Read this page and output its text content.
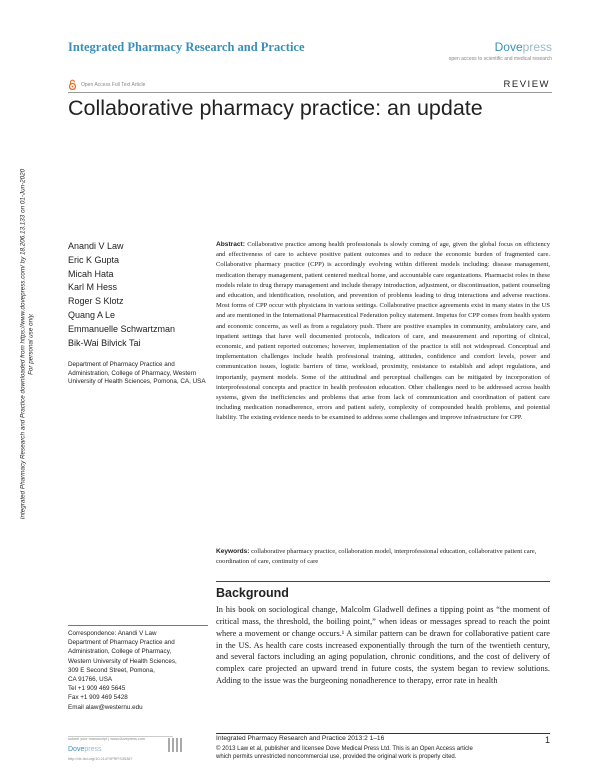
Integrated Pharmacy Research and Practice	Dovepress
open access to scientific and medical research
Open Access Full Text Article	REVIEW
Collaborative pharmacy practice: an update
Integrated Pharmacy Research and Practice downloaded from https://www.dovepress.com/ by 18.206.13.133 on 01-Jun-2020 For personal use only.
Anandi V Law
Eric K Gupta
Micah Hata
Karl M Hess
Roger S Klotz
Quang A Le
Emmanuelle Schwartzman
Bik-Wai Bilvick Tai
Department of Pharmacy Practice and Administration, College of Pharmacy, Western University of Health Sciences, Pomona, CA, USA
Abstract: Collaborative practice among health professionals is slowly coming of age, given the global focus on efficiency and effectiveness of care to achieve positive patient outcomes and to reduce the economic burden of fragmented care. Collaborative pharmacy practice (CPP) is accordingly evolving within different models including: disease management, medication therapy management, patient centered medical home, and accountable care organizations. Pharmacist roles in these models relate to drug therapy management and include therapy introduction, adjustment, or discontinuation, patient counseling and education, and identification, resolution, and prevention of problems leading to drug interactions and adverse reactions. Most forms of CPP occur with physicians in various settings. Collaborative practice agreements exist in many states in the US and are mentioned in the International Pharmaceutical Federation policy statement. Impetus for CPP comes from health system and economic concerns, as well as from a regulatory push. There are positive examples in community, ambulatory care, and inpatient settings that have well documented protocols, indicators of care, and measurement and reporting of clinical, economic, and patient reported outcomes; however, implementation of the practice is still not widespread. Conceptual and implementation challenges include health professional training, attitudes, confidence and comfort levels, power and communication issues, logistic barriers of time, workload, proximity, resistance to establish and adopt regulations, and importantly, payment models. Some of the attitudinal and perceptual challenges can be mitigated by incorporation of interprofessional concepts and practice in health profession education. Other challenges need to be addressed across health systems, given the inefficiencies and problems that arise from lack of communication and coordination of patient care including medication nonadherence, errors and patient safety, complexity of compounded health problems, and potential liability. The existing evidence needs to be examined to address some challenges and improve infrastructure for CPP.
Keywords: collaborative pharmacy practice, collaboration model, interprofessional education, collaborative patient care, coordination of care, continuity of care
Background
In his book on sociological change, Malcolm Gladwell defines a tipping point as “the moment of critical mass, the threshold, the boiling point,” when ideas or messages spread to reach the point where a movement or change occurs.¹ A similar pattern can be drawn for collaborative patient care in the US. As health care costs increased exponentially through the turn of the twentieth century, and several factors including an aging population, chronic conditions, and the cost of delivery of complex care projected an upward trend in future costs, the system began to review solutions. Adding to the issue was the burgeoning nonadherence to therapy, error rate in health
Correspondence: Anandi V Law
Department of Pharmacy Practice and
Administration, College of Pharmacy,
Western University of Health Sciences,
309 E Second Street, Pomona,
CA 91766, USA
Tel +1 909 469 5645
Fax +1 909 469 5428
Email alaw@westernu.edu
submit your manuscript | www.dovepress.com
Dovepress
http://dx.doi.org/10.2147/IPRP.S35387
Integrated Pharmacy Research and Practice 2013:2 1–16	1
© 2013 Law et al, publisher and licensee Dove Medical Press Ltd. This is an Open Access article
which permits unrestricted noncommercial use, provided the original work is properly cited.
